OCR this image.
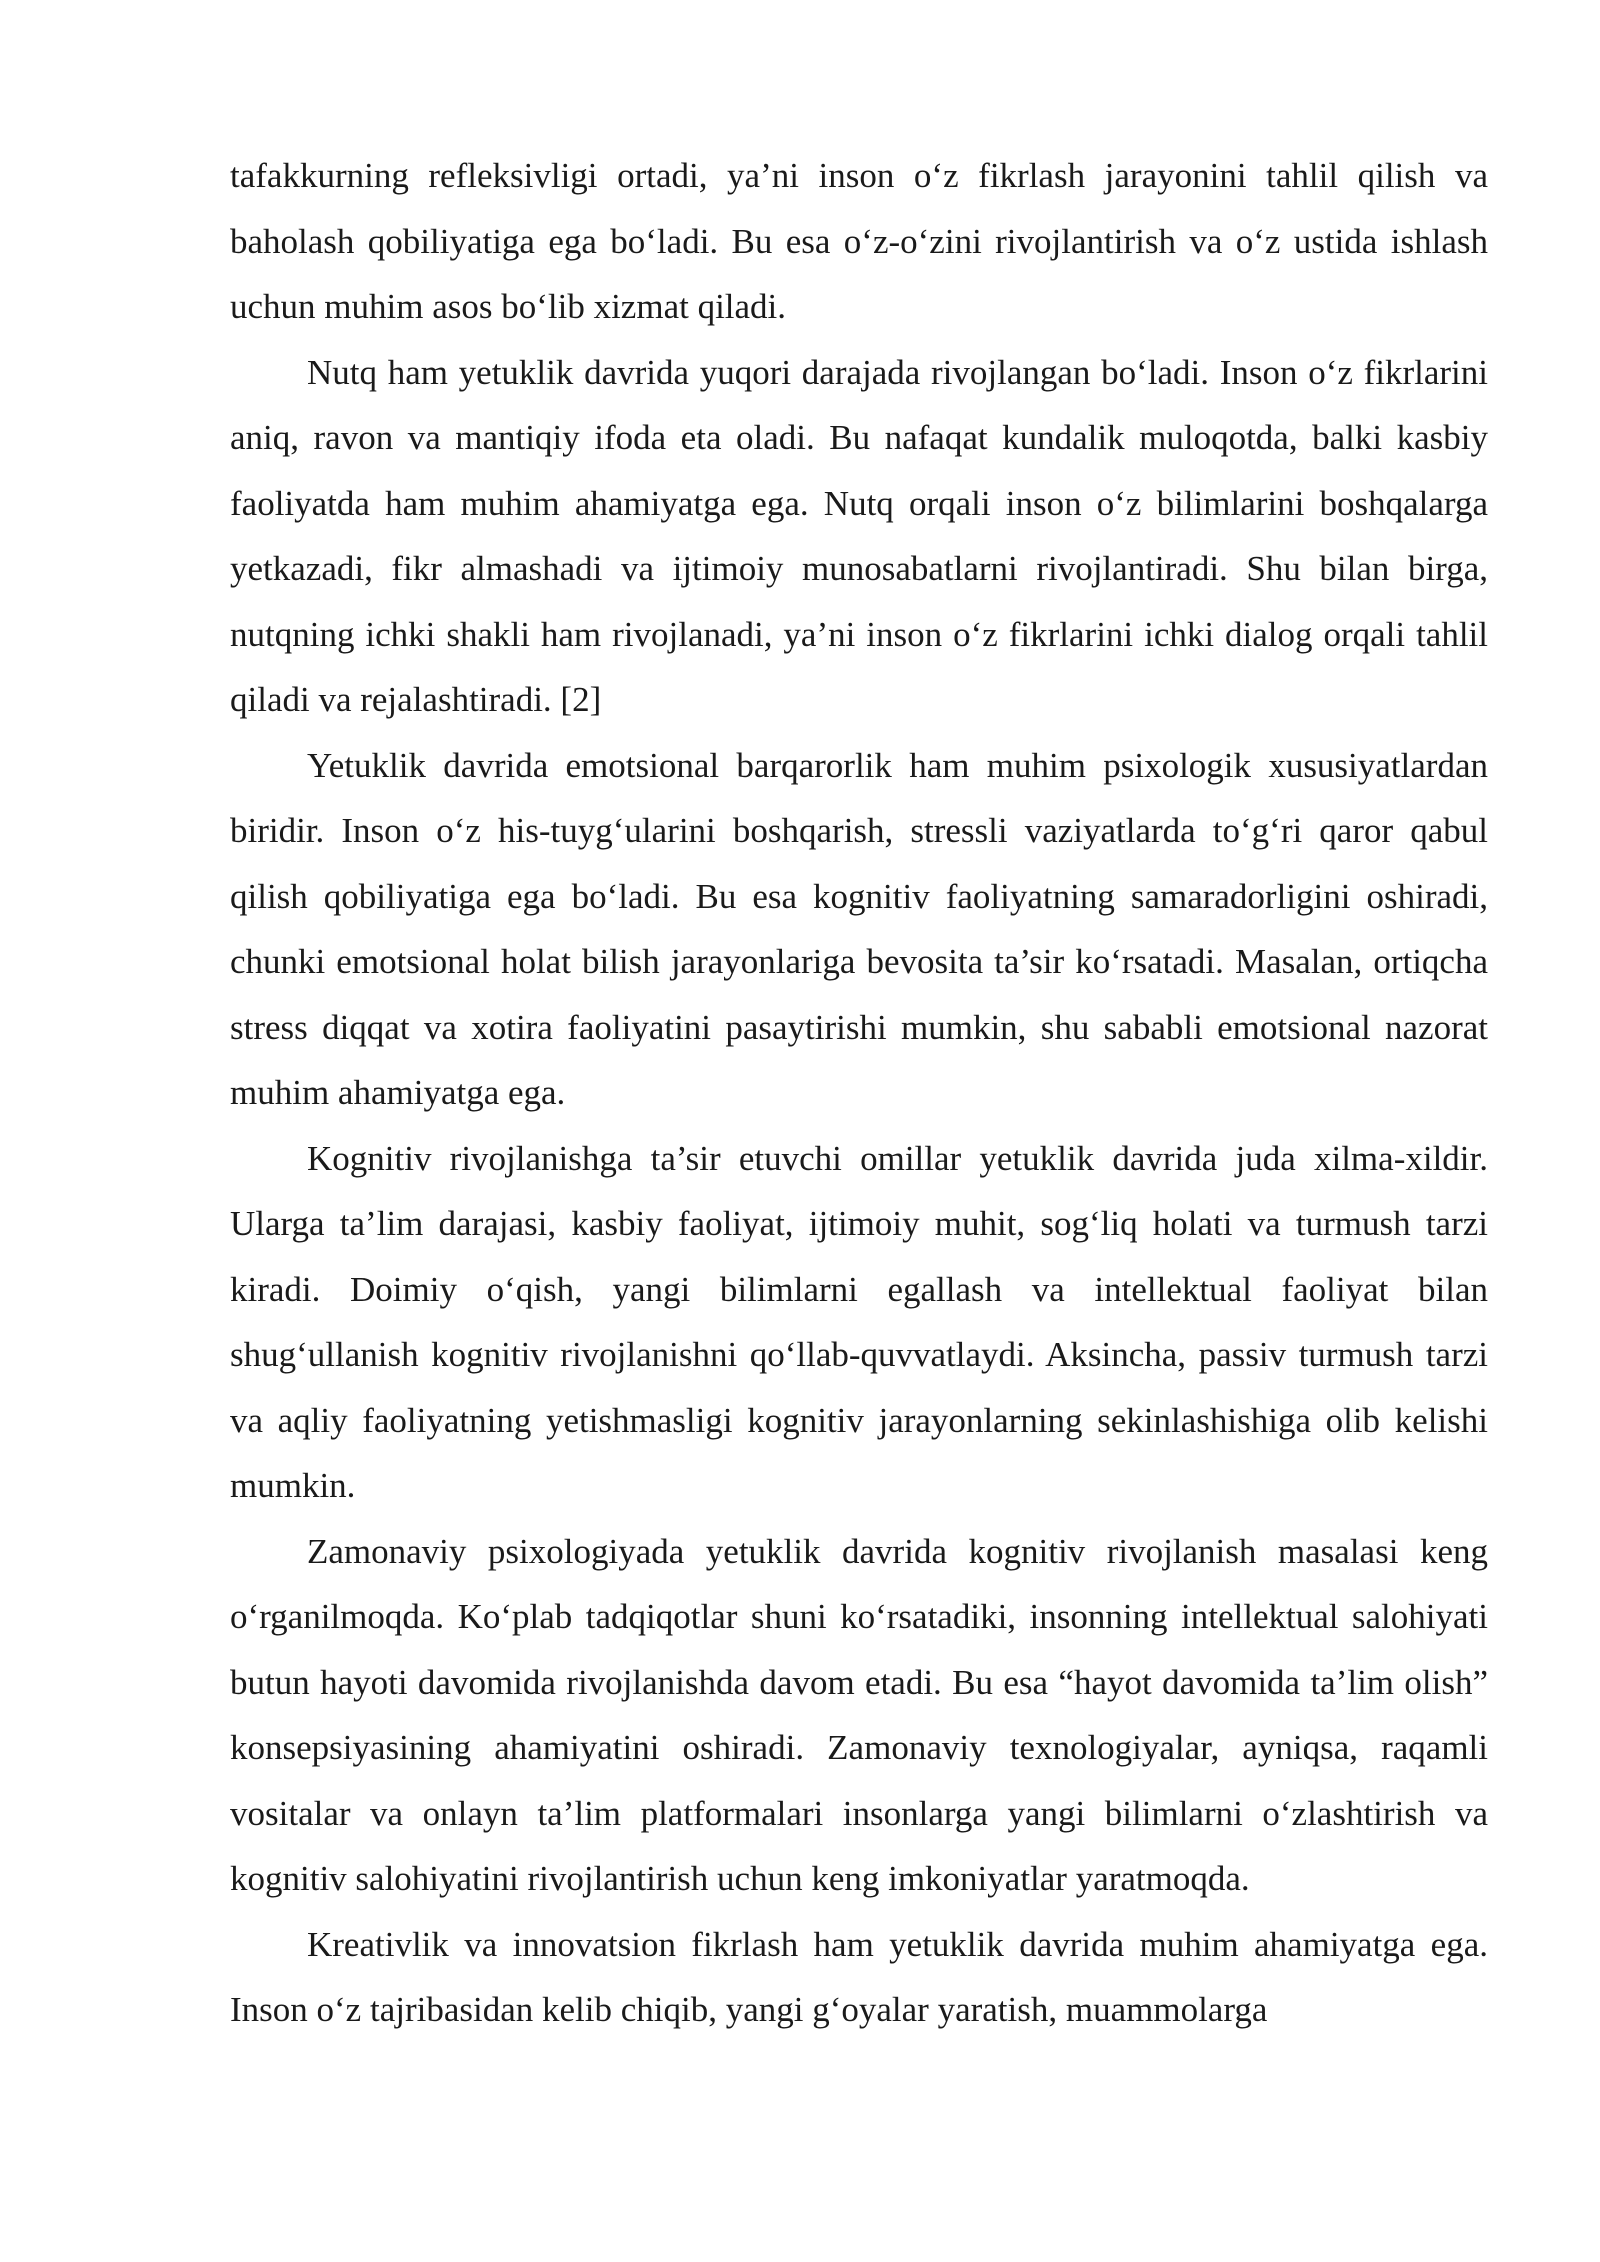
tafakkurning refleksivligi ortadi, ya’ni inson o‘z fikrlash jarayonini tahlil qilish va baholash qobiliyatiga ega bo‘ladi. Bu esa o‘z-o‘zini rivojlantirish va o‘z ustida ishlash uchun muhim asos bo‘lib xizmat qiladi.

Nutq ham yetuklik davrida yuqori darajada rivojlangan bo‘ladi. Inson o‘z fikrlarini aniq, ravon va mantiqiy ifoda eta oladi. Bu nafaqat kundalik muloqotda, balki kasbiy faoliyatda ham muhim ahamiyatga ega. Nutq orqali inson o‘z bilimlarini boshqalarga yetkazadi, fikr almashadi va ijtimoiy munosabatlarni rivojlantiradi. Shu bilan birga, nutqning ichki shakli ham rivojlanadi, ya’ni inson o‘z fikrlarini ichki dialog orqali tahlil qiladi va rejalashtiradi. [2]

Yetuklik davrida emotsional barqarorlik ham muhim psixologik xususiyatlardan biridir. Inson o‘z his-tuyg‘ularini boshqarish, stressli vaziyatlarda to‘g‘ri qaror qabul qilish qobiliyatiga ega bo‘ladi. Bu esa kognitiv faoliyatning samaradorligini oshiradi, chunki emotsional holat bilish jarayonlariga bevosita ta’sir ko‘rsatadi. Masalan, ortiqcha stress diqqat va xotira faoliyatini pasaytirishi mumkin, shu sababli emotsional nazorat muhim ahamiyatga ega.

Kognitiv rivojlanishga ta’sir etuvchi omillar yetuklik davrida juda xilma-xildir. Ularga ta’lim darajasi, kasbiy faoliyat, ijtimoiy muhit, sog‘liq holati va turmush tarzi kiradi. Doimiy o‘qish, yangi bilimlarni egallash va intellektual faoliyat bilan shug‘ullanish kognitiv rivojlanishni qo‘llab-quvvatlaydi. Aksincha, passiv turmush tarzi va aqliy faoliyatning yetishmasligi kognitiv jarayonlarning sekinlashishiga olib kelishi mumkin.

Zamonaviy psixologiyada yetuklik davrida kognitiv rivojlanish masalasi keng o‘rganilmoqda. Ko‘plab tadqiqotlar shuni ko‘rsatadiki, insonning intellektual salohiyati butun hayoti davomida rivojlanishda davom etadi. Bu esa “hayot davomida ta’lim olish” konsepsiyasining ahamiyatini oshiradi. Zamonaviy texnologiyalar, ayniqsa, raqamli vositalar va onlayn ta’lim platformalari insonlarga yangi bilimlarni o‘zlashtirish va kognitiv salohiyatini rivojlantirish uchun keng imkoniyatlar yaratmoqda.

Kreativlik va innovatsion fikrlash ham yetuklik davrida muhim ahamiyatga ega. Inson o‘z tajribasidan kelib chiqib, yangi g‘oyalar yaratish, muammolarga
